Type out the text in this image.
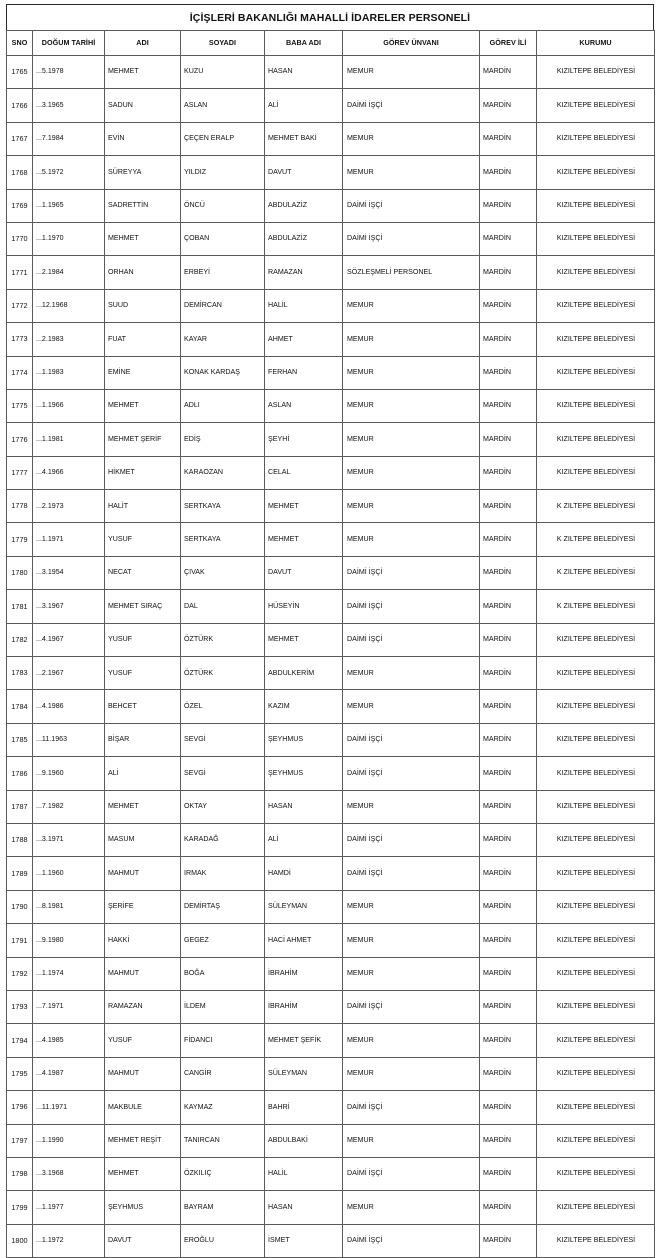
İÇİŞLERİ BAKANLIĞI MAHALLİ İDARELER PERSONELİ
SNO	DOĞUM TARİHİ	ADI	SOYADI	BABA ADI	GÖREV ÜNVANI	GÖREV İLİ	KURUMU
1765	...5.1978	MEHMET	KUZU	HASAN	MEMUR	MARDİN	KIZILTEPE BELEDİYESİ
1766	...3.1965	SADUN	ASLAN	ALİ	DAİMİ İŞÇİ	MARDİN	KIZILTEPE BELEDİYESİ
1767	...7.1984	EVİN	ÇEÇEN ERALP	MEHMET BAKİ	MEMUR	MARDİN	KIZILTEPE BELEDİYESİ
1768	...5.1972	SÜREYYA	YILDIZ	DAVUT	MEMUR	MARDİN	KIZILTEPE BELEDİYESİ
1769	...1.1965	SADRETTİN	ÖNCÜ	ABDULAZİZ	DAİMİ İŞÇİ	MARDİN	KIZILTEPE BELEDİYESİ
1770	...1.1970	MEHMET	ÇOBAN	ABDULAZİZ	DAİMİ İŞÇİ	MARDİN	KIZILTEPE BELEDİYESİ
1771	...2.1984	ORHAN	ERBEYİ	RAMAZAN	SÖZLEŞMELİ PERSONEL	MARDİN	KIZILTEPE BELEDİYESİ
1772	...12.1968	SUUD	DEMİRCAN	HALİL	MEMUR	MARDİN	KIZILTEPE BELEDİYESİ
1773	...2.1983	FUAT	KAYAR	AHMET	MEMUR	MARDİN	KIZILTEPE BELEDİYESİ
1774	...1.1983	EMİNE	KONAK KARDAŞ	FERHAN	MEMUR	MARDİN	KIZILTEPE BELEDİYESİ
1775	...1.1966	MEHMET	ADLI	ASLAN	MEMUR	MARDİN	KIZILTEPE BELEDİYESİ
1776	...1.1981	MEHMET ŞERİF	EDİŞ	ŞEYHİ	MEMUR	MARDİN	KIZILTEPE BELEDİYESİ
1777	...4.1966	HİKMET	KARAOZAN	CELAL	MEMUR	MARDİN	KIZILTEPE BELEDİYESİ
1778	...2.1973	HALİT	SERTKAYA	MEHMET	MEMUR	MARDİN	K ZILTEPE BELEDİYESİ
1779	...1.1971	YUSUF	SERTKAYA	MEHMET	MEMUR	MARDİN	K ZILTEPE BELEDİYESİ
1780	...3.1954	NECAT	ÇIVAK	DAVUT	DAİMİ İŞÇİ	MARDİN	K ZILTEPE BELEDİYESİ
1781	...3.1967	MEHMET SIRAÇ	DAL	HÜSEYİN	DAİMİ İŞÇİ	MARDİN	K ZILTEPE BELEDİYESİ
1782	...4.1967	YUSUF	ÖZTÜRK	MEHMET	DAİMİ İŞÇİ	MARDİN	KIZILTEPE BELEDİYESİ
1783	...2.1967	YUSUF	ÖZTÜRK	ABDULKERİM	MEMUR	MARDİN	KIZILTEPE BELEDİYESİ
1784	...4.1986	BEHCET	ÖZEL	KAZIM	MEMUR	MARDİN	KIZILTEPE BELEDİYESİ
1785	...11.1963	BİŞAR	SEVGİ	ŞEYHMUS	DAİMİ İŞÇİ	MARDİN	KIZILTEPE BELEDİYESİ
1786	...9.1960	ALİ	SEVGİ	ŞEYHMUS	DAİMİ İŞÇİ	MARDİN	KIZILTEPE BELEDİYESİ
1787	...7.1982	MEHMET	OKTAY	HASAN	MEMUR	MARDİN	KIZILTEPE BELEDİYESİ
1788	...3.1971	MASUM	KARADAĞ	ALİ	DAİMİ İŞÇİ	MARDİN	KIZILTEPE BELEDİYESİ
1789	...1.1960	MAHMUT	IRMAK	HAMDİ	DAİMİ İŞÇİ	MARDİN	KIZILTEPE BELEDİYESİ
1790	...8.1981	ŞERİFE	DEMİRTAŞ	SÜLEYMAN	MEMUR	MARDİN	KIZILTEPE BELEDİYESİ
1791	...9.1980	HAKKİ	GEGEZ	HACİ AHMET	MEMUR	MARDİN	KIZILTEPE BELEDİYESİ
1792	...1.1974	MAHMUT	BOĞA	İBRAHİM	MEMUR	MARDİN	KIZILTEPE BELEDİYESİ
1793	...7.1971	RAMAZAN	İLDEM	İBRAHİM	DAİMİ İŞÇİ	MARDİN	KIZILTEPE BELEDİYESİ
1794	...4.1985	YUSUF	FİDANCI	MEHMET ŞEFİK	MEMUR	MARDİN	KIZILTEPE BELEDİYESİ
1795	...4.1987	MAHMUT	CANGİR	SÜLEYMAN	MEMUR	MARDİN	KIZILTEPE BELEDİYESİ
1796	...11.1971	MAKBULE	KAYMAZ	BAHRİ	DAİMİ İŞÇİ	MARDİN	KIZILTEPE BELEDİYESİ
1797	...1.1990	MEHMET REŞİT	TANIRCAN	ABDULBAKİ	MEMUR	MARDİN	KIZILTEPE BELEDİYESİ
1798	...3.1968	MEHMET	ÖZKILIÇ	HALİL	DAİMİ İŞÇİ	MARDİN	KIZILTEPE BELEDİYESİ
1799	...1.1977	ŞEYHMUS	BAYRAM	HASAN	MEMUR	MARDİN	KIZILTEPE BELEDİYESİ
1800	...1.1972	DAVUT	EROĞLU	İSMET	DAİMİ İŞÇİ	MARDİN	KIZILTEPE BELEDİYESİ
